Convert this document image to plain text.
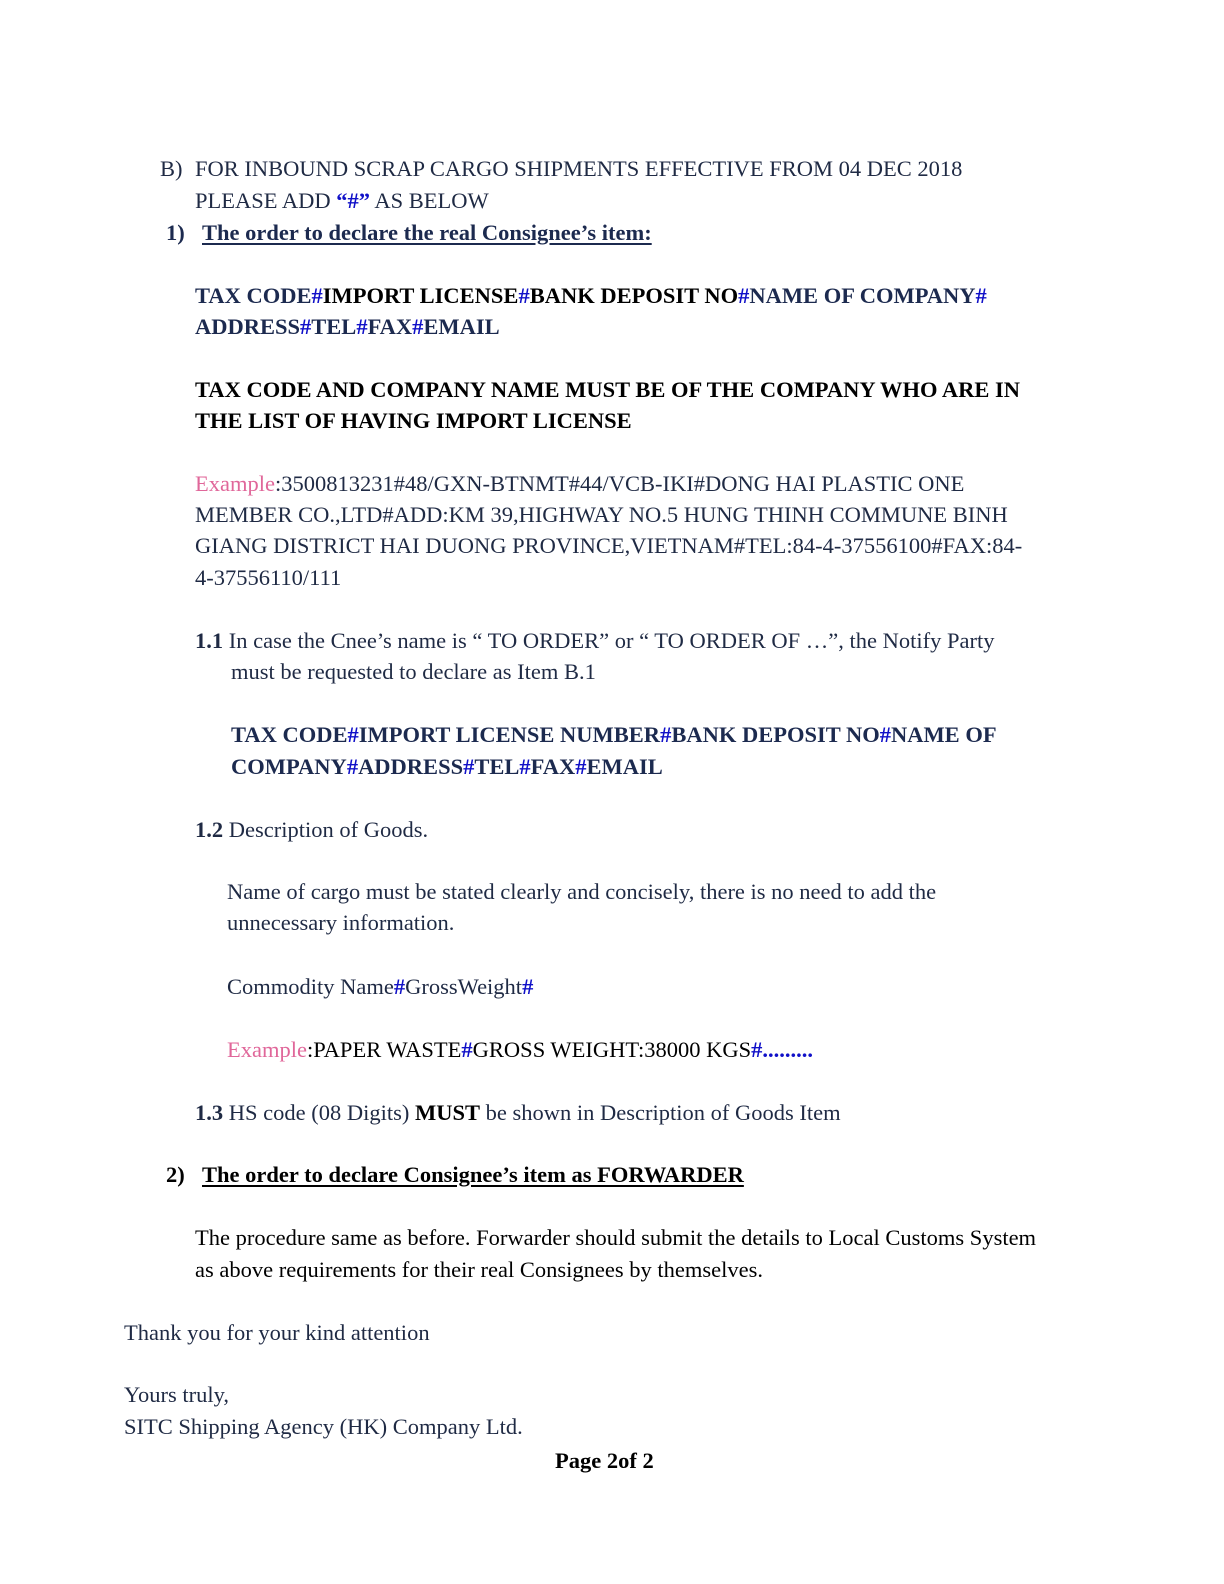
B) FOR INBOUND SCRAP CARGO SHIPMENTS EFFECTIVE FROM 04 DEC 2018
PLEASE ADD “#” AS BELOW
1) The order to declare the real Consignee’s item:
TAX CODE#IMPORT LICENSE#BANK DEPOSIT NO#NAME OF COMPANY#
ADDRESS#TEL#FAX#EMAIL
TAX CODE AND COMPANY NAME MUST BE OF THE COMPANY WHO ARE IN
THE LIST OF HAVING IMPORT LICENSE
Example:3500813231#48/GXN-BTNMT#44/VCB-IKI#DONG HAI PLASTIC ONE
MEMBER CO.,LTD#ADD:KM 39,HIGHWAY NO.5 HUNG THINH COMMUNE BINH
GIANG DISTRICT HAI DUONG PROVINCE,VIETNAM#TEL:84-4-37556100#FAX:84-
4-37556110/111
1.1 In case the Cnee’s name is “ TO ORDER” or “ TO ORDER OF …”, the Notify Party
must be requested to declare as Item B.1
TAX CODE#IMPORT LICENSE NUMBER#BANK DEPOSIT NO#NAME OF
COMPANY#ADDRESS#TEL#FAX#EMAIL
1.2 Description of Goods.
Name of cargo must be stated clearly and concisely, there is no need to add the
unnecessary information.
Commodity Name#GrossWeight#
Example:PAPER WASTE#GROSS WEIGHT:38000 KGS#.........
1.3 HS code (08 Digits) MUST be shown in Description of Goods Item
2) The order to declare Consignee’s item as FORWARDER
The procedure same as before. Forwarder should submit the details to Local Customs System
as above requirements for their real Consignees by themselves.
Thank you for your kind attention
Yours truly,
SITC Shipping Agency (HK) Company Ltd.
Page 2of 2
